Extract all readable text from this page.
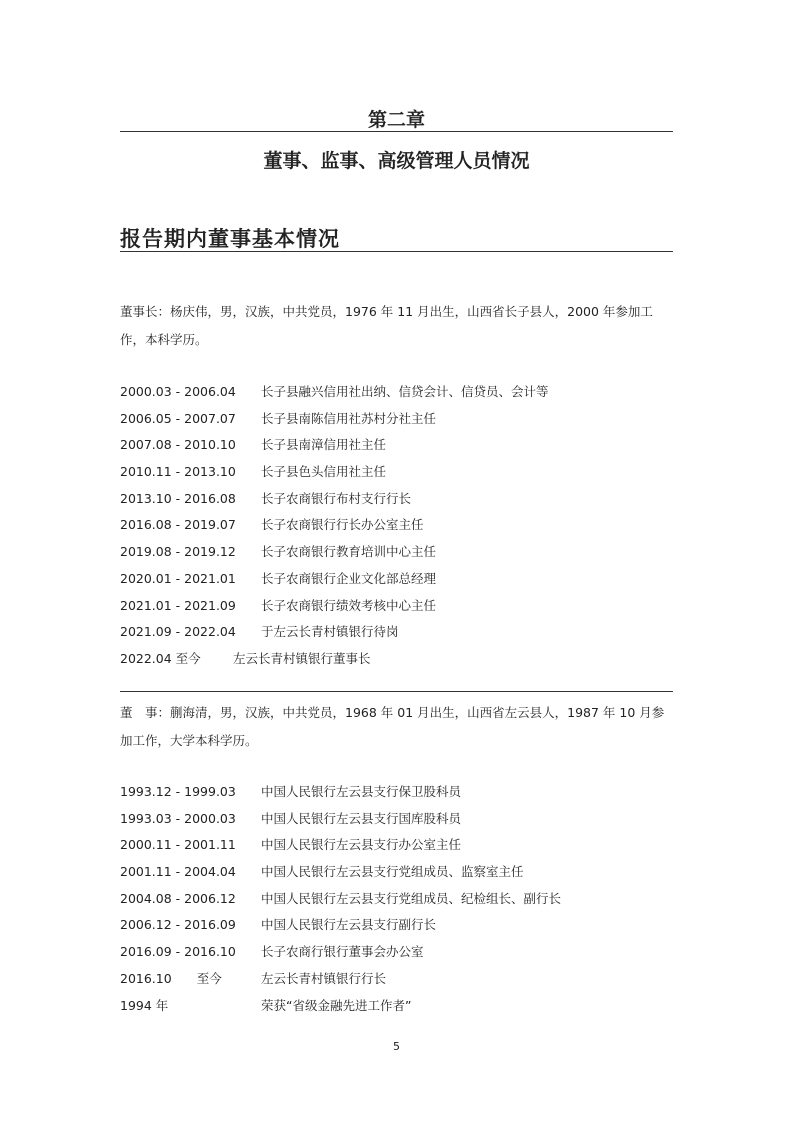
第二章
董事、监事、高级管理人员情况
报告期内董事基本情况
董事长：杨庆伟，男，汉族，中共党员，1976 年 11 月出生，山西省长子县人，2000 年参加工作，本科学历。
2000.03 - 2006.04 长子县融兴信用社出纳、信贷会计、信贷员、会计等
2006.05 - 2007.07 长子县南陈信用社苏村分社主任
2007.08 - 2010.10 长子县南漳信用社主任
2010.11 - 2013.10 长子县色头信用社主任
2013.10 - 2016.08 长子农商银行布村支行行长
2016.08 - 2019.07 长子农商银行行长办公室主任
2019.08 - 2019.12 长子农商银行教育培训中心主任
2020.01 - 2021.01 长子农商银行企业文化部总经理
2021.01 - 2021.09 长子农商银行绩效考核中心主任
2021.09 - 2022.04 于左云长青村镇银行待岗
2022.04 至今	左云长青村镇银行董事长
董　事：蒯海清，男，汉族，中共党员，1968 年 01 月出生，山西省左云县人，1987 年 10 月参加工作，大学本科学历。
1993.12 - 1999.03 中国人民银行左云县支行保卫股科员
1993.03 - 2000.03 中国人民银行左云县支行国库股科员
2000.11 - 2001.11 中国人民银行左云县支行办公室主任
2001.11 - 2004.04 中国人民银行左云县支行党组成员、监察室主任
2004.08 - 2006.12 中国人民银行左云县支行党组成员、纪检组长、副行长
2006.12 - 2016.09 中国人民银行左云县支行副行长
2016.09 - 2016.10 长子农商行银行董事会办公室
2016.10　　至今	左云长青村镇银行行长
1994 年	荣获“省级金融先进工作者”
5
